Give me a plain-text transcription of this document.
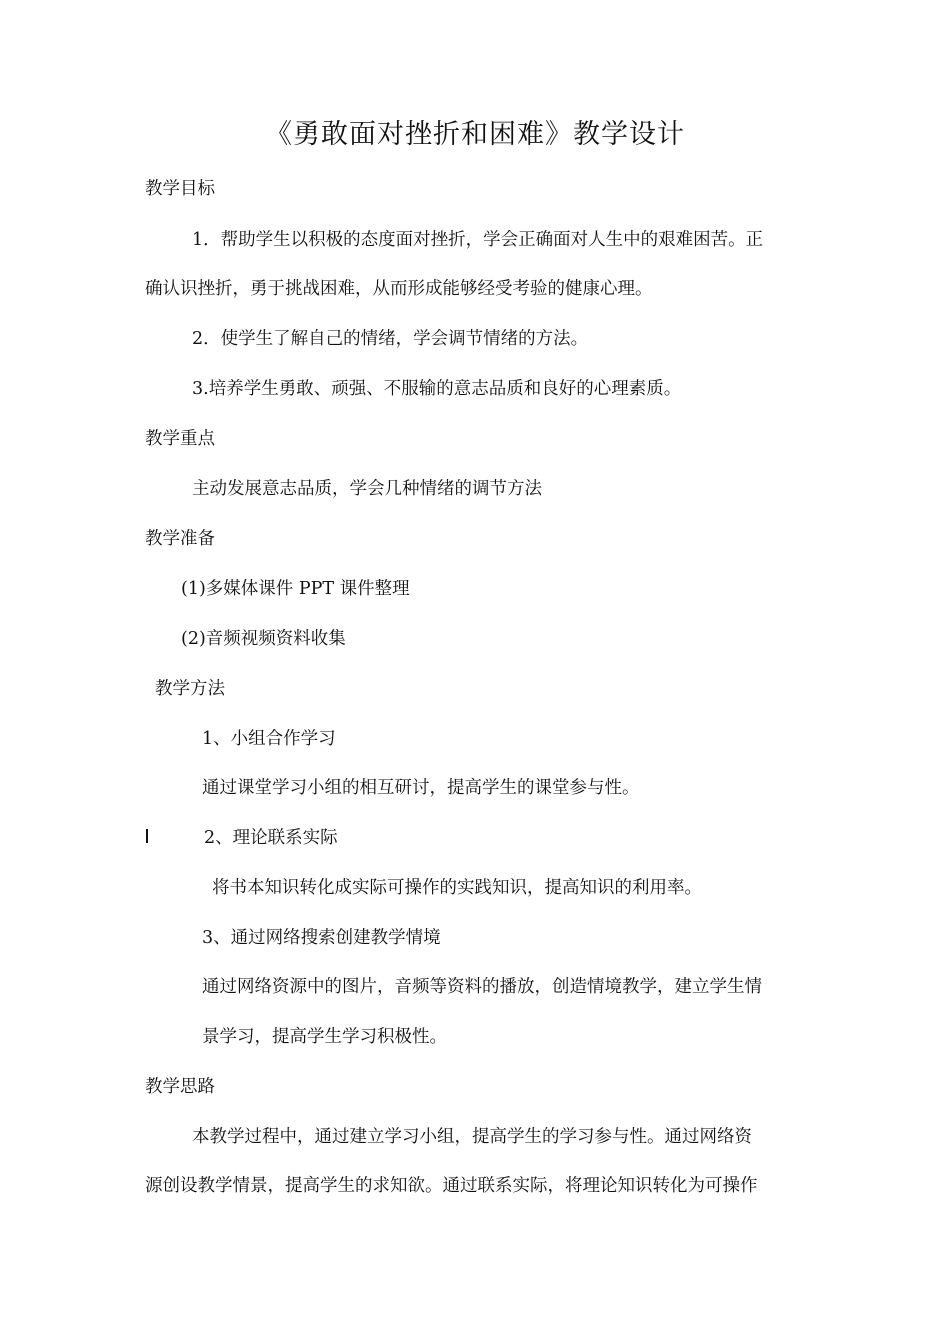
《勇敢面对挫折和困难》教学设计
教学目标
1．帮助学生以积极的态度面对挫折，学会正确面对人生中的艰难困苦。正
确认识挫折，勇于挑战困难，从而形成能够经受考验的健康心理。
2．使学生了解自己的情绪，学会调节情绪的方法。
3.培养学生勇敢、顽强、不服输的意志品质和良好的心理素质。
教学重点
主动发展意志品质，学会几种情绪的调节方法
教学准备
(1)多媒体课件 PPT 课件整理
(2)音频视频资料收集
教学方法
1、小组合作学习
通过课堂学习小组的相互研讨，提高学生的课堂参与性。
2、理论联系实际
将书本知识转化成实际可操作的实践知识，提高知识的利用率。
3、通过网络搜索创建教学情境
通过网络资源中的图片，音频等资料的播放，创造情境教学，建立学生情
景学习，提高学生学习积极性。
教学思路
本教学过程中，通过建立学习小组，提高学生的学习参与性。通过网络资
源创设教学情景，提高学生的求知欲。通过联系实际，将理论知识转化为可操作
